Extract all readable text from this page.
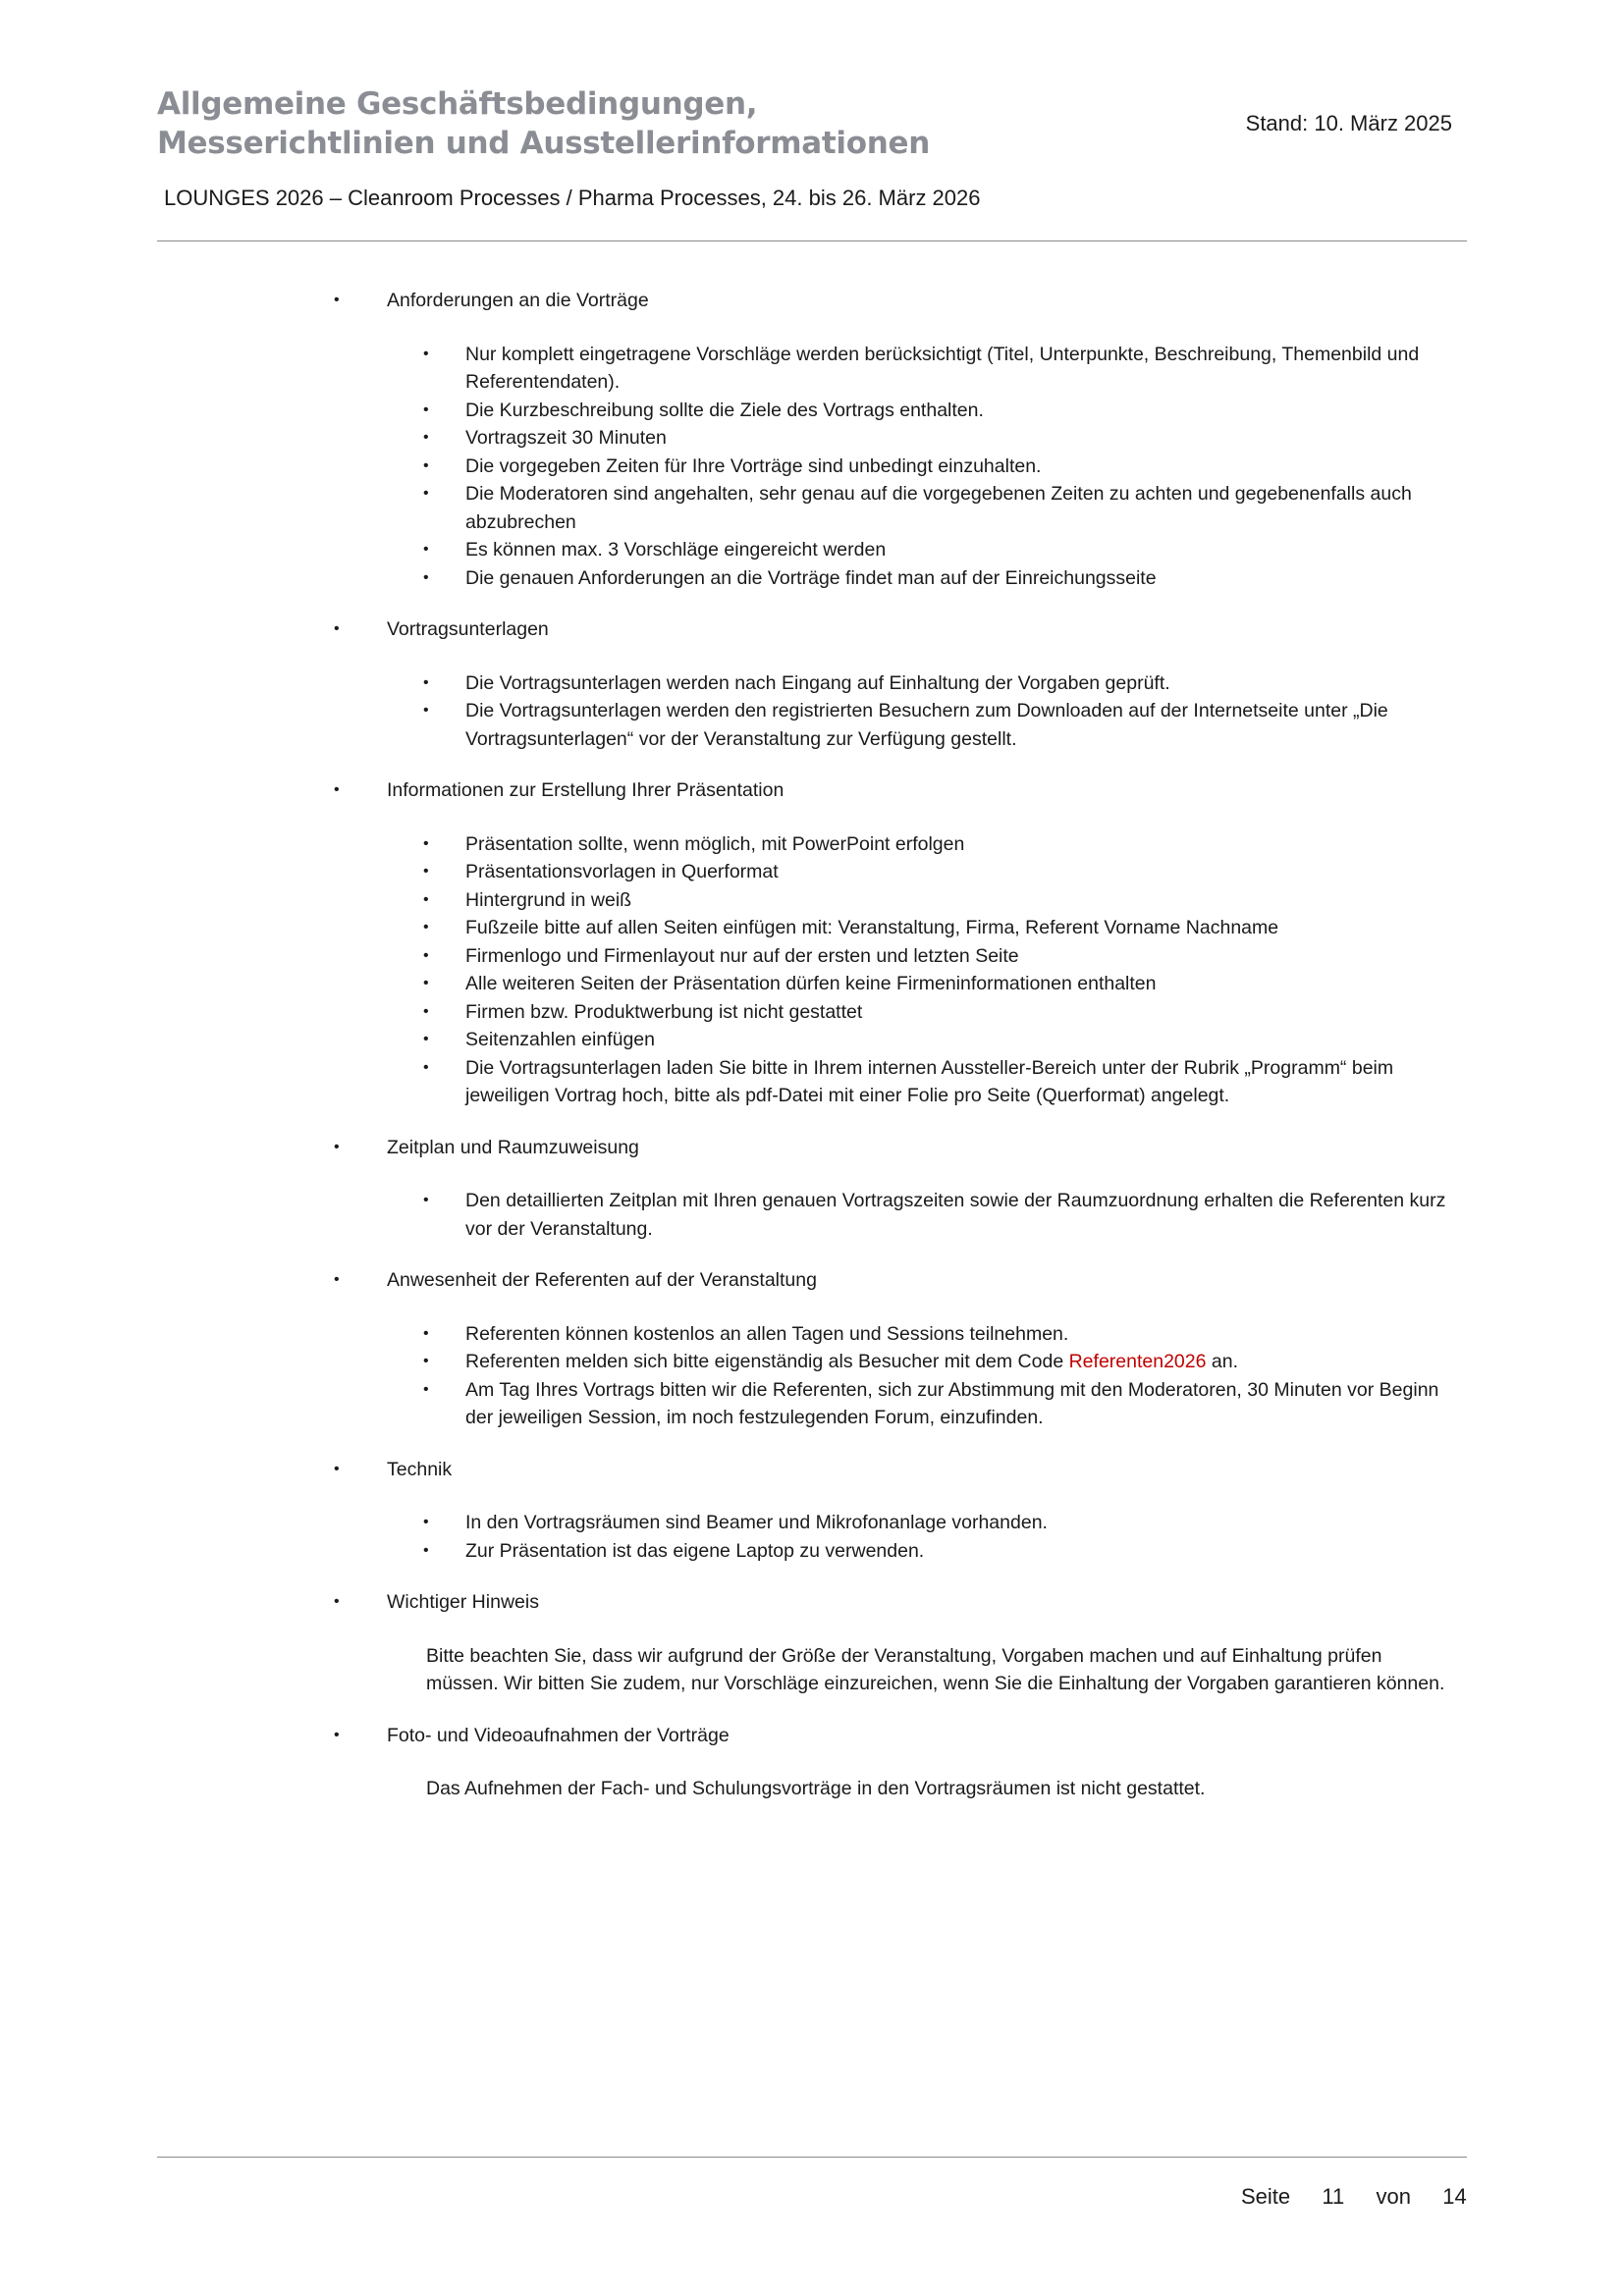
Allgemeine Geschäftsbedingungen,
Messerichtlinien und Ausstellerinformationen
Stand: 10. März 2025
LOUNGES 2026 – Cleanroom Processes / Pharma Processes, 24. bis 26. März 2026
• Anforderungen an die Vorträge
• Nur komplett eingetragene Vorschläge werden berücksichtigt (Titel, Unterpunkte, Beschreibung, Themenbild und Referentendaten).
• Die Kurzbeschreibung sollte die Ziele des Vortrags enthalten.
• Vortragszeit 30 Minuten
• Die vorgegeben Zeiten für Ihre Vorträge sind unbedingt einzuhalten.
• Die Moderatoren sind angehalten, sehr genau auf die vorgegebenen Zeiten zu achten und gegebenenfalls auch abzubrechen
• Es können max. 3 Vorschläge eingereicht werden
• Die genauen Anforderungen an die Vorträge findet man auf der Einreichungsseite
• Vortragsunterlagen
• Die Vortragsunterlagen werden nach Eingang auf Einhaltung der Vorgaben geprüft.
• Die Vortragsunterlagen werden den registrierten Besuchern zum Downloaden auf der Internetseite unter „Die Vortragsunterlagen“ vor der Veranstaltung zur Verfügung gestellt.
• Informationen zur Erstellung Ihrer Präsentation
• Präsentation sollte, wenn möglich, mit PowerPoint erfolgen
• Präsentationsvorlagen in Querformat
• Hintergrund in weiß
• Fußzeile bitte auf allen Seiten einfügen mit: Veranstaltung, Firma, Referent Vorname Nachname
• Firmenlogo und Firmenlayout nur auf der ersten und letzten Seite
• Alle weiteren Seiten der Präsentation dürfen keine Firmeninformationen enthalten
• Firmen bzw. Produktwerbung ist nicht gestattet
• Seitenzahlen einfügen
• Die Vortragsunterlagen laden Sie bitte in Ihrem internen Aussteller-Bereich unter der Rubrik „Programm“ beim jeweiligen Vortrag hoch, bitte als pdf-Datei mit einer Folie pro Seite (Querformat) angelegt.
• Zeitplan und Raumzuweisung
• Den detaillierten Zeitplan mit Ihren genauen Vortragszeiten sowie der Raumzuordnung erhalten die Referenten kurz vor der Veranstaltung.
• Anwesenheit der Referenten auf der Veranstaltung
• Referenten können kostenlos an allen Tagen und Sessions teilnehmen.
• Referenten melden sich bitte eigenständig als Besucher mit dem Code Referenten2026 an.
• Am Tag Ihres Vortrags bitten wir die Referenten, sich zur Abstimmung mit den Moderatoren, 30 Minuten vor Beginn der jeweiligen Session, im noch festzulegenden Forum, einzufinden.
• Technik
• In den Vortragsräumen sind Beamer und Mikrofonanlage vorhanden.
• Zur Präsentation ist das eigene Laptop zu verwenden.
• Wichtiger Hinweis
Bitte beachten Sie, dass wir aufgrund der Größe der Veranstaltung, Vorgaben machen und auf Einhaltung prüfen müssen. Wir bitten Sie zudem, nur Vorschläge einzureichen, wenn Sie die Einhaltung der Vorgaben garantieren können.
• Foto- und Videoaufnahmen der Vorträge
Das Aufnehmen der Fach- und Schulungsvorträge in den Vortragsräumen ist nicht gestattet.
Seite 11 von 14
